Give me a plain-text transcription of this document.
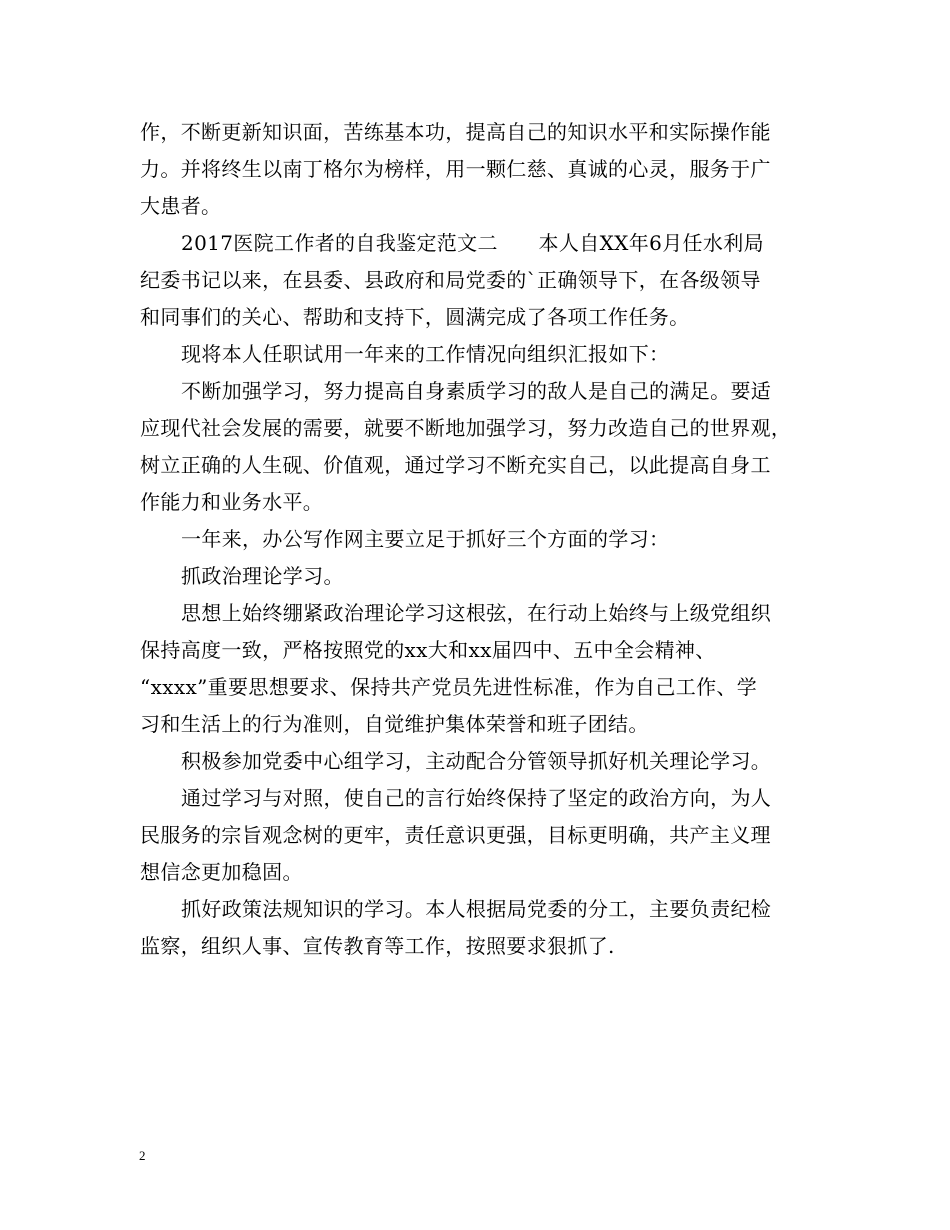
作，不断更新知识面，苦练基本功，提高自己的知识水平和实际操作能
力。并将终生以南丁格尔为榜样，用一颗仁慈、真诚的心灵，服务于广
大患者。
2017医院工作者的自我鉴定范文二　　本人自XX年6月任水利局
纪委书记以来，在县委、县政府和局党委的`正确领导下，在各级领导
和同事们的关心、帮助和支持下，圆满完成了各项工作任务。
现将本人任职试用一年来的工作情况向组织汇报如下：
不断加强学习，努力提高自身素质学习的敌人是自己的满足。要适
应现代社会发展的需要，就要不断地加强学习，努力改造自己的世界观，
树立正确的人生砚、价值观，通过学习不断充实自己，以此提高自身工
作能力和业务水平。
一年来，办公写作网主要立足于抓好三个方面的学习：
抓政治理论学习。
思想上始终绷紧政治理论学习这根弦，在行动上始终与上级党组织
保持高度一致，严格按照党的xx大和xx届四中、五中全会精神、
“xxxx”重要思想要求、保持共产党员先进性标准，作为自己工作、学
习和生活上的行为准则，自觉维护集体荣誉和班子团结。
积极参加党委中心组学习，主动配合分管领导抓好机关理论学习。
通过学习与对照，使自己的言行始终保持了坚定的政治方向，为人
民服务的宗旨观念树的更牢，责任意识更强，目标更明确，共产主义理
想信念更加稳固。
抓好政策法规知识的学习。本人根据局党委的分工，主要负责纪检
监察，组织人事、宣传教育等工作，按照要求狠抓了.
2
